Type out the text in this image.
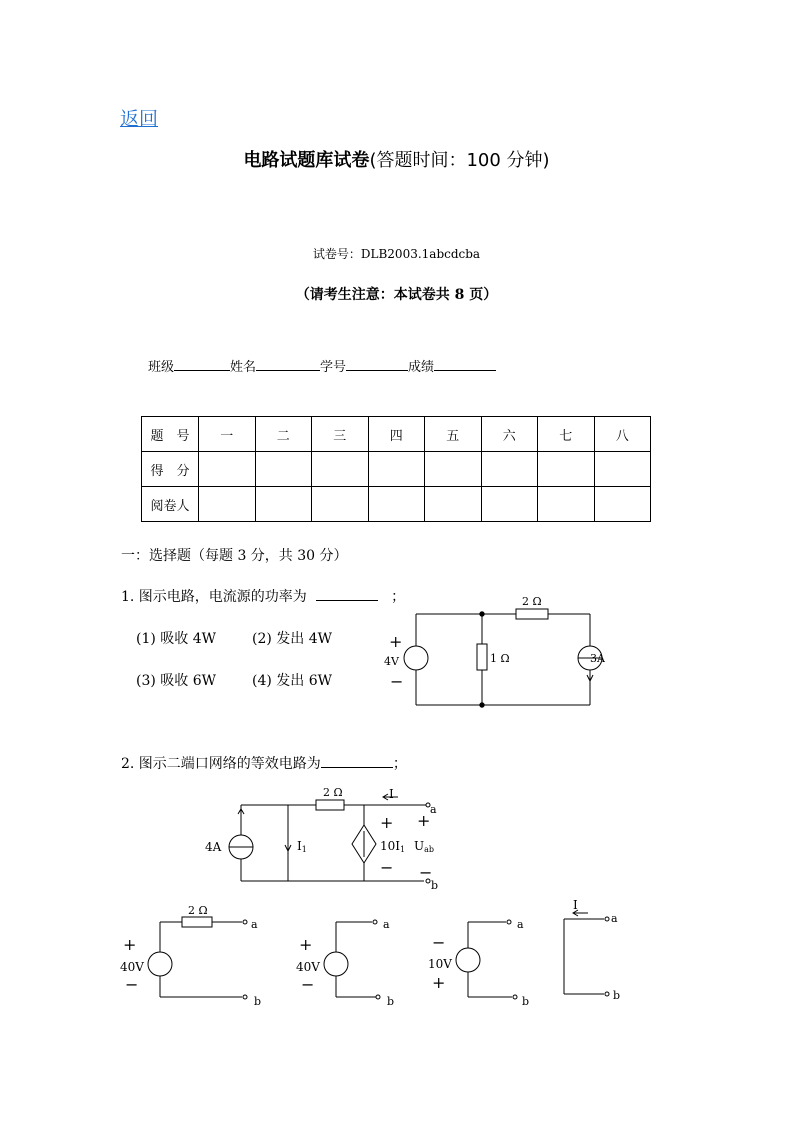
返回
电路试题库试卷(答题时间：100 分钟)
试卷号：DLB2003.1abcdcba
（请考生注意：本试卷共 8 页）
班级	姓名	学号	成绩
题　号	一	二	三	四	五	六	七	八
得　分								
阅卷人								
一：选择题（每题 3 分，共 30 分）
1. 图示电路，电流源的功率为	；
(1) 吸收 4W	(2) 发出 4W
(3) 吸收 6W	(4) 发出 6W
+
4V
−
2 Ω
1 Ω	3A
2. 图示二端口网络的等效电路为	；
2 Ω	I
4A	I1
+
10I1
−
+
Uab
−
a
b
2 Ω
+
40V
−
a
b
+
40V
−
a
b
−
10V
+
a
b
I
a
b
